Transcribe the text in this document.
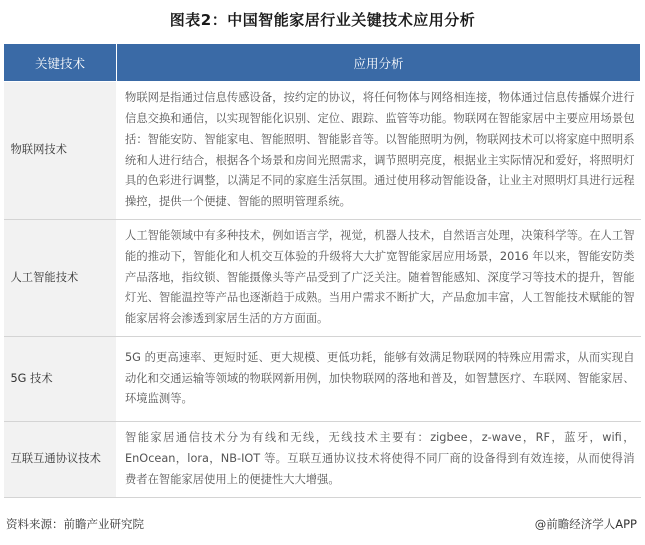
图表2：中国智能家居行业关键技术应用分析
关键技术	应用分析
物联网技术	物联网是指通过信息传感设备，按约定的协议，将任何物体与网络相连接，物体通过信息传播媒介进行信息交换和通信，以实现智能化识别、定位、跟踪、监管等功能。物联网在智能家居中主要应用场景包括：智能安防、智能家电、智能照明、智能影音等。以智能照明为例，物联网技术可以将家庭中照明系统和人进行结合，根据各个场景和房间光照需求，调节照明亮度，根据业主实际情况和爱好，将照明灯具的色彩进行调整，以满足不同的家庭生活氛围。通过使用移动智能设备，让业主对照明灯具进行远程操控，提供一个便捷、智能的照明管理系统。
人工智能技术	人工智能领域中有多种技术，例如语言学，视觉，机器人技术，自然语言处理，决策科学等。在人工智能的推动下，智能化和人机交互体验的升级将大大扩宽智能家居应用场景，2016 年以来，智能安防类产品落地，指纹锁、智能摄像头等产品受到了广泛关注。随着智能感知、深度学习等技术的提升，智能灯光、智能温控等产品也逐渐趋于成熟。当用户需求不断扩大，产品愈加丰富，人工智能技术赋能的智能家居将会渗透到家居生活的方方面面。
5G 技术	5G 的更高速率、更短时延、更大规模、更低功耗，能够有效满足物联网的特殊应用需求，从而实现自动化和交通运输等领域的物联网新用例，加快物联网的落地和普及，如智慧医疗、车联网、智能家居、环境监测等。
互联互通协议技术	智能家居通信技术分为有线和无线，无线技术主要有：zigbee，z-wave，RF，蓝牙，wifi，EnOcean，lora，NB-IOT 等。互联互通协议技术将使得不同厂商的设备得到有效连接，从而使得消费者在智能家居使用上的便捷性大大增强。
资料来源：前瞻产业研究院	@前瞻经济学人APP
